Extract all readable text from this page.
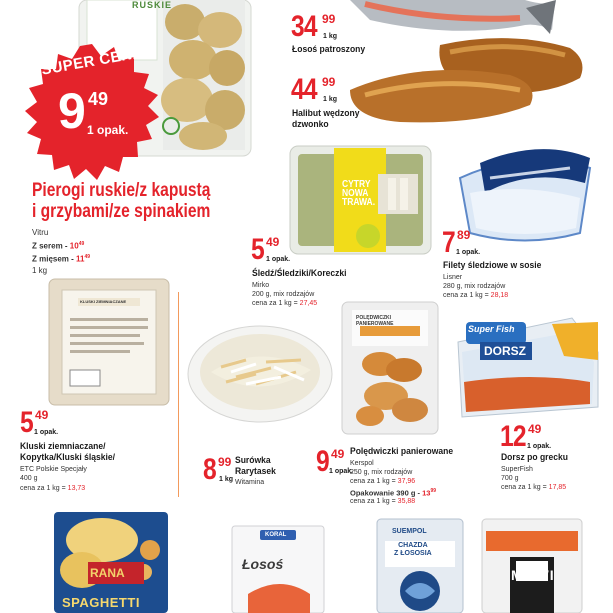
RUSKIE
SUPER CENA
9 49
1 opak.
Pierogi ruskie/z kapustą
i grzybami/ze spinakiem
Vitru
Z serem - $10^{49}$
Z mięsem - $11^{49}$
1 kg
34 99
1 kg
Łosoś patroszony
44 99
1 kg
Halibut wędzony
dzwonko
CYTRY
NOWA
TRAWA.
5 49
1 opak.
Śledź/Śledziki/Koreczki
Mirko
200 g, mix rodzajów
cena za 1 kg = 27,45
7 89
1 opak.
Filety śledziowe w sosie
Lisner
280 g, mix rodzajów
cena za 1 kg = 28,18
KLUSKI ZIEMNIACZANE
5 49
1 opak.
Kluski ziemniaczane/
Kopytka/Kluski śląskie/
ETC Polskie Specjały
400 g
cena za 1 kg = 13,73
8 99
1 kg
Surówka
Rarytasek
Witamina
POLĘDWICZKI
PANIEROWANE
9 49
1 opak.
Polędwiczki panierowane
Kerspol
250 g, mix rodzajów
cena za 1 kg = 37,96
Opakowanie 390 g - $13^{99}$
cena za 1 kg = 35,88
Super Fish
DORSZ
12 49
1 opak.
Dorsz po grecku
SuperFish
700 g
cena za 1 kg = 17,85
RANA
SPAGHETTI
KORAL
Łosoś
SUEMPOL
CHAZDA
Z ŁOSOSIA
MOWI
